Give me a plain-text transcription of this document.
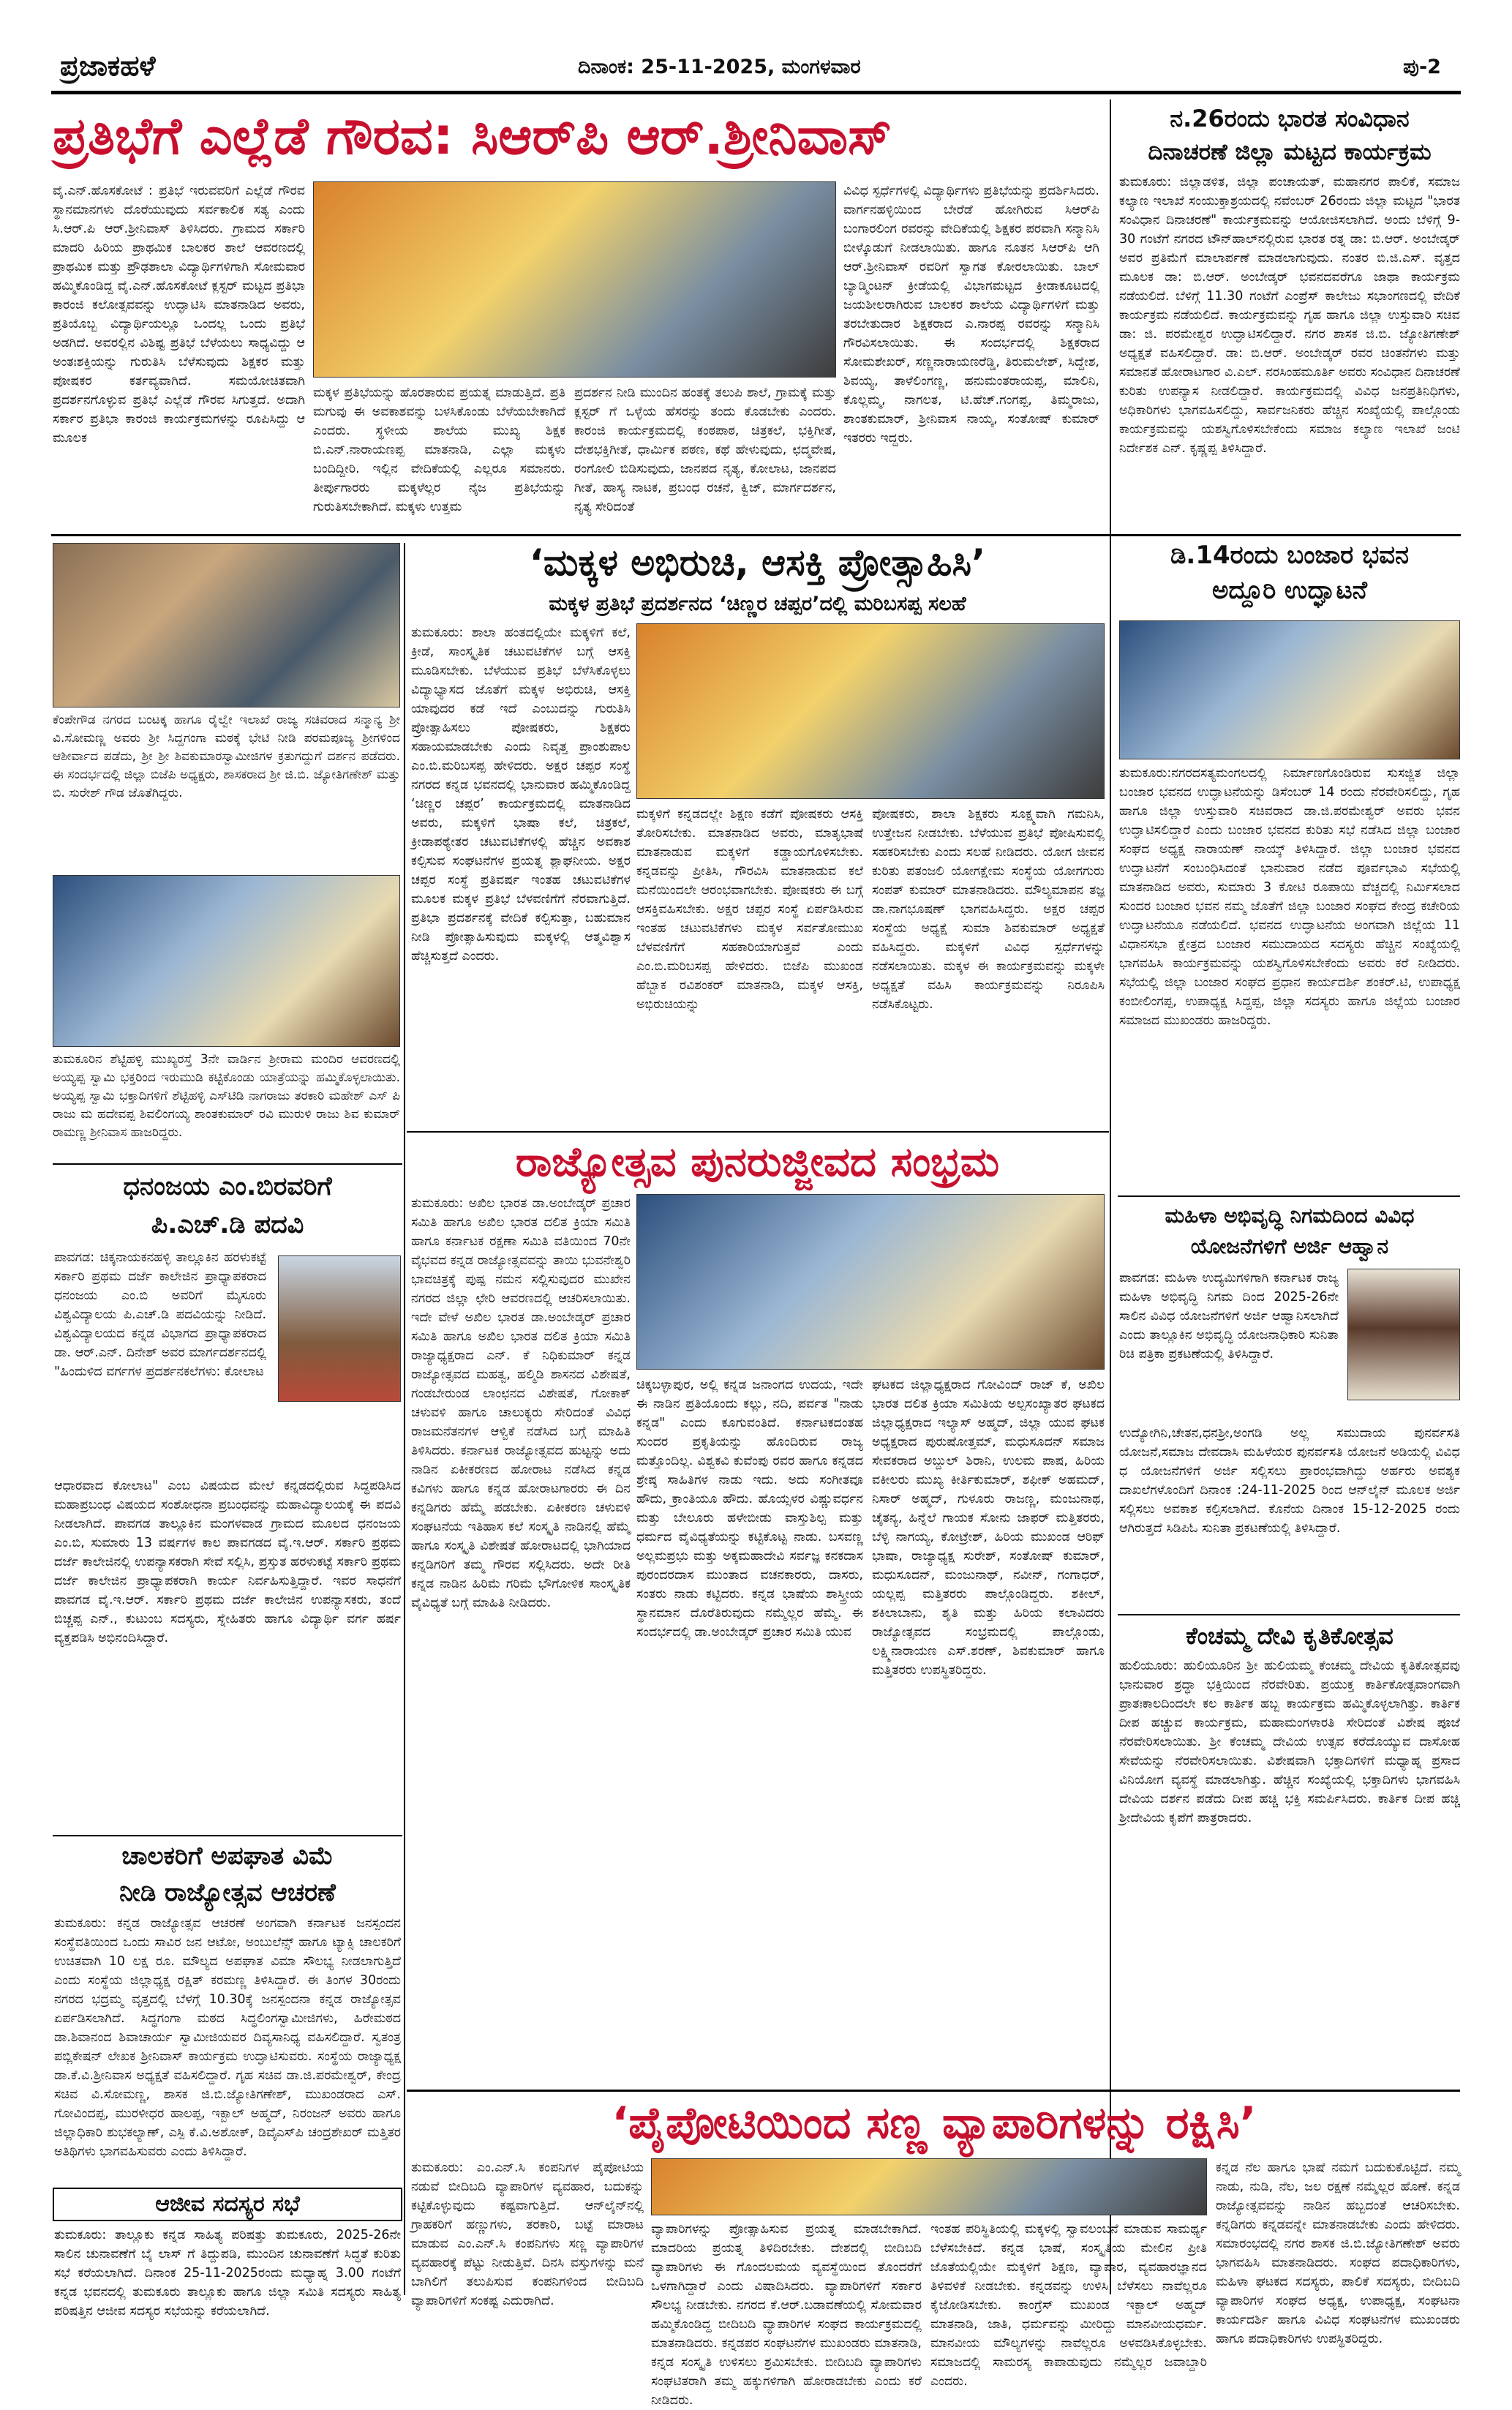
ಪ್ರಜಾಕಹಳೆ	ದಿನಾಂಕ: 25-11-2025, ಮಂಗಳವಾರ	ಪು-2
ಪ್ರತಿಭೆಗೆ ಎಲ್ಲೆಡೆ ಗೌರವ: ಸಿಆರ್‌ಪಿ ಆರ್.ಶ್ರೀನಿವಾಸ್
ವೈ.ಎನ್.ಹೊಸಕೋಟೆ : ಪ್ರತಿಭೆ ಇರುವವರಿಗೆ ಎಲ್ಲೆಡೆ ಗೌರವ ಸ್ಥಾನಮಾನಗಳು ದೊರೆಯುವುದು ಸರ್ವಕಾಲಿಕ ಸತ್ಯ ಎಂದು ಸಿ.ಆರ್.ಪಿ ಆರ್.ಶ್ರೀನಿವಾಸ್ ತಿಳಿಸಿದರು. ಗ್ರಾಮದ ಸರ್ಕಾರಿ ಮಾದರಿ ಹಿರಿಯ ಪ್ರಾಥಮಿಕ ಬಾಲಕರ ಶಾಲೆ ಆವರಣದಲ್ಲಿ ಪ್ರಾಥಮಿಕ ಮತ್ತು ಪ್ರೌಢಶಾಲಾ ವಿದ್ಯಾರ್ಥಿಗಳಿಗಾಗಿ ಸೋಮವಾರ ಹಮ್ಮಿಕೊಂಡಿದ್ದ ವೈ.ಎನ್.ಹೊಸಕೋಟೆ ಕ್ಲಸ್ಟರ್ ಮಟ್ಟದ ಪ್ರತಿಭಾ ಕಾರಂಜಿ ಕಲೋತ್ಸವವನ್ನು ಉದ್ಘಾಟಿಸಿ ಮಾತನಾಡಿದ ಅವರು, ಪ್ರತಿಯೊಬ್ಬ ವಿದ್ಯಾರ್ಥಿಯಲ್ಲೂ ಒಂದಲ್ಲ ಒಂದು ಪ್ರತಿಭೆ ಅಡಗಿದೆ. ಅವರಲ್ಲಿನ ವಿಶಿಷ್ಟ ಪ್ರತಿಭೆ ಬೆಳೆಯಲು ಸಾಧ್ಯವಿದ್ದು ಆ ಅಂತಃಶಕ್ತಿಯನ್ನು ಗುರುತಿಸಿ ಬೆಳೆಸುವುದು ಶಿಕ್ಷಕರ ಮತ್ತು ಪೋಷಕರ ಕರ್ತವ್ಯವಾಗಿದೆ. ಸಮಯೋಚಿತವಾಗಿ ಪ್ರದರ್ಶನಗೊಳ್ಳುವ ಪ್ರತಿಭೆ ಎಲ್ಲೆಡೆ ಗೌರವ ಸಿಗುತ್ತದೆ. ಅದಾಗಿ ಸರ್ಕಾರ ಪ್ರತಿಭಾ ಕಾರಂಜಿ ಕಾರ್ಯಕ್ರಮಗಳನ್ನು ರೂಪಿಸಿದ್ದು ಆ ಮೂಲಕ
ಮಕ್ಕಳ ಪ್ರತಿಭೆಯನ್ನು ಹೊರತಾರುವ ಪ್ರಯತ್ನ ಮಾಡುತ್ತಿದೆ. ಪ್ರತಿ ಮಗುವು ಈ ಅವಕಾಶವನ್ನು ಬಳಸಿಕೊಂಡು ಬೆಳೆಯಬೇಕಾಗಿದೆ ಎಂದರು. ಸ್ಥಳೀಯ ಶಾಲೆಯ ಮುಖ್ಯ ಶಿಕ್ಷಕ ಬಿ.ಎನ್.ನಾರಾಯಣಪ್ಪ ಮಾತನಾಡಿ, ಎಲ್ಲಾ ಮಕ್ಕಳು ಬಂದಿದ್ದೀರಿ. ಇಲ್ಲಿನ ವೇದಿಕೆಯಲ್ಲಿ ಎಲ್ಲರೂ ಸಮಾನರು. ತೀರ್ಪುಗಾರರು ಮಕ್ಕಳೆಲ್ಲರ ನೈಜ ಪ್ರತಿಭೆಯನ್ನು ಗುರುತಿಸಬೇಕಾಗಿದೆ. ಮಕ್ಕಳು ಉತ್ತಮ
ಪ್ರದರ್ಶನ ನೀಡಿ ಮುಂದಿನ ಹಂತಕ್ಕೆ ತಲುಪಿ ಶಾಲೆ, ಗ್ರಾಮಕ್ಕೆ ಮತ್ತು ಕ್ಲಸ್ಟರ್ ಗೆ ಒಳ್ಳೆಯ ಹೆಸರನ್ನು ತಂದು ಕೊಡಬೇಕು ಎಂದರು. ಕಾರಂಜಿ ಕಾರ್ಯಕ್ರಮದಲ್ಲಿ ಕಂಠಪಾಠ, ಚಿತ್ರಕಲೆ, ಭಕ್ತಿಗೀತೆ, ದೇಶಭಕ್ತಿಗೀತೆ, ಧಾರ್ಮಿಕ ಪಠಣ, ಕಥೆ ಹೇಳುವುದು, ಛದ್ಮವೇಷ, ರಂಗೋಲಿ ಬಿಡಿಸುವುದು, ಜಾನಪದ ನೃತ್ಯ, ಕೋಲಾಟ, ಜಾನಪದ ಗೀತೆ, ಹಾಸ್ಯ ನಾಟಕ, ಪ್ರಬಂಧ ರಚನೆ, ಕ್ವಿಜ್, ಮಾರ್ಗದರ್ಶನ, ನೃತ್ಯ ಸೇರಿದಂತೆ
ವಿವಿಧ ಸ್ಪರ್ಧೆಗಳಲ್ಲಿ ವಿದ್ಯಾರ್ಥಿಗಳು ಪ್ರತಿಭೆಯನ್ನು ಪ್ರದರ್ಶಿಸಿದರು. ವಾರ್ಗನಹಳ್ಳಿಯಿಂದ ಬೇರೆಡೆ ಹೋಗಿರುವ ಸಿಆರ್‌ಪಿ ಬಂಗಾರಲಿಂಗ ರವರನ್ನು ವೇದಿಕೆಯಲ್ಲಿ ಶಿಕ್ಷಕರ ಪರವಾಗಿ ಸನ್ಮಾನಿಸಿ ಬೀಳ್ಕೊಡುಗೆ ನೀಡಲಾಯಿತು. ಹಾಗೂ ನೂತನ ಸಿಆರ್‌ಪಿ ಆಗಿ ಆರ್.ಶ್ರೀನಿವಾಸ್ ರವರಿಗೆ ಸ್ವಾಗತ ಕೋರಲಾಯಿತು. ಬಾಲ್ ಬ್ಯಾಡ್ಮಿಂಟನ್ ಕ್ರೀಡೆಯಲ್ಲಿ ವಿಭಾಗಮಟ್ಟದ ಕ್ರೀಡಾಕೂಟದಲ್ಲಿ ಜಯಶೀಲರಾಗಿರುವ ಬಾಲಕರ ಶಾಲೆಯ ವಿದ್ಯಾರ್ಥಿಗಳಿಗೆ ಮತ್ತು ತರಬೇತುದಾರ ಶಿಕ್ಷಕರಾದ ಎ.ನಾರಪ್ಪ ರವರನ್ನು ಸನ್ಮಾನಿಸಿ ಗೌರವಿಸಲಾಯಿತು. ಈ ಸಂದರ್ಭದಲ್ಲಿ ಶಿಕ್ಷಕರಾದ ಸೋಮಶೇಖರ್, ಸಣ್ಣನಾರಾಯಣರೆಡ್ಡಿ, ತಿರುಮಲೇಶ್, ಸಿದ್ದೇಶ, ಶಿವಯ್ಯ, ತಾಳೆಲಿಂಗಣ್ಣ, ಹನುಮಂತರಾಯಪ್ಪ, ಮಾಲಿನಿ, ಕೊಲ್ಲಮ್ಮ, ನಾಗಲತ, ಟಿ.ಹೆಚ್.ಗಂಗಪ್ಪ, ತಿಮ್ಮರಾಜು, ಶಾಂತಕುಮಾರ್, ಶ್ರೀನಿವಾಸ ನಾಯ್ಕ, ಸಂತೋಷ್ ಕುಮಾರ್ ಇತರರು ಇದ್ದರು.
ನ.26ರಂದು ಭಾರತ ಸಂವಿಧಾನ
ದಿನಾಚರಣೆ ಜಿಲ್ಲಾ ಮಟ್ಟದ ಕಾರ್ಯಕ್ರಮ
ತುಮಕೂರು: ಜಿಲ್ಲಾಡಳಿತ, ಜಿಲ್ಲಾ ಪಂಚಾಯತ್, ಮಹಾನಗರ ಪಾಲಿಕೆ, ಸಮಾಜ ಕಲ್ಯಾಣ ಇಲಾಖೆ ಸಂಯುಕ್ತಾಶ್ರಯದಲ್ಲಿ ನವೆಂಬರ್ 26ರಂದು ಜಿಲ್ಲಾ ಮಟ್ಟದ "ಭಾರತ ಸಂವಿಧಾನ ದಿನಾಚರಣೆ" ಕಾರ್ಯಕ್ರಮವನ್ನು ಆಯೋಜಿಸಲಾಗಿದೆ. ಅಂದು ಬೆಳಿಗ್ಗೆ 9-30 ಗಂಟೆಗೆ ನಗರದ ಟೌನ್‌ಹಾಲ್‌ನಲ್ಲಿರುವ ಭಾರತ ರತ್ನ ಡಾ: ಬಿ.ಆರ್. ಅಂಬೇಡ್ಕರ್ ಅವರ ಪ್ರತಿಮೆಗೆ ಮಾಲಾರ್ಪಣೆ ಮಾಡಲಾಗುವುದು. ನಂತರ ಬಿ.ಜಿ.ಎಸ್. ವೃತ್ತದ ಮೂಲಕ ಡಾ: ಬಿ.ಆರ್. ಅಂಬೇಡ್ಕರ್ ಭವನದವರೆಗೂ ಜಾಥಾ ಕಾರ್ಯಕ್ರಮ ನಡೆಯಲಿದೆ. ಬೆಳಿಗ್ಗೆ 11.30 ಗಂಟೆಗೆ ಎಂಪ್ರೆಸ್ ಕಾಲೇಜು ಸಭಾಂಗಣದಲ್ಲಿ ವೇದಿಕೆ ಕಾರ್ಯಕ್ರಮ ನಡೆಯಲಿದೆ. ಕಾರ್ಯಕ್ರಮವನ್ನು ಗೃಹ ಹಾಗೂ ಜಿಲ್ಲಾ ಉಸ್ತುವಾರಿ ಸಚಿವ ಡಾ: ಜಿ. ಪರಮೇಶ್ವರ ಉದ್ಘಾಟಿಸಲಿದ್ದಾರೆ. ನಗರ ಶಾಸಕ ಜಿ.ಬಿ. ಜ್ಯೋತಿಗಣೇಶ್ ಅಧ್ಯಕ್ಷತೆ ವಹಿಸಲಿದ್ದಾರೆ. ಡಾ: ಬಿ.ಆರ್. ಅಂಬೇಡ್ಕರ್ ರವರ ಚಿಂತನೆಗಳು ಮತ್ತು ಸಮಾನತೆ ಹೋರಾಟಗಾರ ವಿ.ಎಲ್. ನರಸಿಂಹಮೂರ್ತಿ ಅವರು ಸಂವಿಧಾನ ದಿನಾಚರಣೆ ಕುರಿತು ಉಪನ್ಯಾಸ ನೀಡಲಿದ್ದಾರೆ. ಕಾರ್ಯಕ್ರಮದಲ್ಲಿ ವಿವಿಧ ಜನಪ್ರತಿನಿಧಿಗಳು, ಅಧಿಕಾರಿಗಳು ಭಾಗವಹಿಸಲಿದ್ದು, ಸಾರ್ವಜನಿಕರು ಹೆಚ್ಚಿನ ಸಂಖ್ಯೆಯಲ್ಲಿ ಪಾಲ್ಗೊಂಡು ಕಾರ್ಯಕ್ರಮವನ್ನು ಯಶಸ್ವಿಗೊಳಿಸಬೇಕೆಂದು ಸಮಾಜ ಕಲ್ಯಾಣ ಇಲಾಖೆ ಜಂಟಿ ನಿರ್ದೇಶಕ ಎನ್. ಕೃಷ್ಣಪ್ಪ ತಿಳಿಸಿದ್ದಾರೆ.
ಕೆಂಪೇಗೌಡ ನಗರದ ಬಂಟಕ್ಕ ಹಾಗೂ ರೈಲ್ವೇ ಇಲಾಖೆ ರಾಜ್ಯ ಸಚಿವರಾದ ಸನ್ಮಾನ್ಯ ಶ್ರೀ ವಿ.ಸೋಮಣ್ಣ ಅವರು ಶ್ರೀ ಸಿದ್ದಗಂಗಾ ಮಠಕ್ಕೆ ಭೇಟಿ ನೀಡಿ ಪರಮಪೂಜ್ಯ ಶ್ರೀಗಳಿಂದ ಆಶೀರ್ವಾದ ಪಡೆದು, ಶ್ರೀ ಶ್ರೀ ಶಿವಕುಮಾರಸ್ವಾಮೀಜಿಗಳ ಕ್ರತುಗದ್ದುಗೆ ದರ್ಶನ ಪಡೆದರು. ಈ ಸಂದರ್ಭದಲ್ಲಿ ಜಿಲ್ಲಾ ಬಿಜೆಪಿ ಅಧ್ಯಕ್ಷರು, ಶಾಸಕರಾದ ಶ್ರೀ ಜಿ.ಬಿ. ಜ್ಯೋತಿಗಣೇಶ್ ಮತ್ತು ಬಿ. ಸುರೇಶ್ ಗೌಡ ಜೊತೆಗಿದ್ದರು.
ತುಮಕೂರಿನ ಶೆಟ್ಟಿಹಳ್ಳಿ ಮುಖ್ಯರಸ್ತೆ 3ನೇ ವಾರ್ಡಿನ ಶ್ರೀರಾಮ ಮಂದಿರ ಆವರಣದಲ್ಲಿ ಅಯ್ಯಪ್ಪ ಸ್ವಾಮಿ ಭಕ್ತರಿಂದ ಇರುಮುಡಿ ಕಟ್ಟಿಕೊಂಡು ಯಾತ್ರೆಯನ್ನು ಹಮ್ಮಿಕೊಳ್ಳಲಾಯಿತು. ಅಯ್ಯಪ್ಪ ಸ್ವಾಮಿ ಭಕ್ತಾದಿಗಳಿಗೆ ಶೆಟ್ಟಿಹಳ್ಳಿ ಎಸ್‌ಟಿಡಿ ನಾಗರಾಜು ತರಕಾರಿ ಮಹೇಶ್ ಎಸ್ ಪಿ ರಾಜು ಮ ಹದೇವಪ್ಪ ಶಿವಲಿಂಗಯ್ಯ ಶಾಂತಕುಮಾರ್ ರವಿ ಮುರುಳಿ ರಾಜು ಶಿವ ಕುಮಾರ್ ರಾಮಣ್ಣ ಶ್ರೀನಿವಾಸ ಹಾಜರಿದ್ದರು.
‘ಮಕ್ಕಳ ಅಭಿರುಚಿ, ಆಸಕ್ತಿ ಪ್ರೋತ್ಸಾಹಿಸಿ’
ಮಕ್ಕಳ ಪ್ರತಿಭೆ ಪ್ರದರ್ಶನದ ‘ಚಿಣ್ಣರ ಚಪ್ಪರ’ದಲ್ಲಿ ಮರಿಬಸಪ್ಪ ಸಲಹೆ
ತುಮಕೂರು: ಶಾಲಾ ಹಂತದಲ್ಲಿಯೇ ಮಕ್ಕಳಿಗೆ ಕಲೆ, ಕ್ರೀಡೆ, ಸಾಂಸ್ಕೃತಿಕ ಚಟುವಟಿಕೆಗಳ ಬಗ್ಗೆ ಆಸಕ್ತಿ ಮೂಡಿಸಬೇಕು. ಬೆಳೆಯುವ ಪ್ರತಿಭೆ ಬೆಳೆಸಿಕೊಳ್ಳಲು ವಿದ್ಯಾಭ್ಯಾಸದ ಜೊತೆಗೆ ಮಕ್ಕಳ ಅಭಿರುಚಿ, ಆಸಕ್ತಿ ಯಾವುದರ ಕಡೆ ಇದೆ ಎಂಬುದನ್ನು ಗುರುತಿಸಿ ಪ್ರೋತ್ಸಾಹಿಸಲು ಪೋಷಕರು, ಶಿಕ್ಷಕರು ಸಹಾಯಮಾಡಬೇಕು ಎಂದು ನಿವೃತ್ತ ಪ್ರಾಂಶುಪಾಲ ಎಂ.ಬಿ.ಮರಿಬಸಪ್ಪ ಹೇಳಿದರು. ಅಕ್ಷರ ಚಪ್ಪರ ಸಂಸ್ಥೆ ನಗರದ ಕನ್ನಡ ಭವನದಲ್ಲಿ ಭಾನುವಾರ ಹಮ್ಮಿಕೊಂಡಿದ್ದ ‘ಚಿಣ್ಣರ ಚಪ್ಪರ’ ಕಾರ್ಯಕ್ರಮದಲ್ಲಿ ಮಾತನಾಡಿದ ಅವರು, ಮಕ್ಕಳಿಗೆ ಭಾಷಾ ಕಲೆ, ಚಿತ್ರಕಲೆ, ಕ್ರೀಡಾಪಠ್ಯೇತರ ಚಟುವಟಿಕೆಗಳಲ್ಲಿ ಹೆಚ್ಚಿನ ಅವಕಾಶ ಕಲ್ಪಿಸುವ ಸಂಘಟನೆಗಳ ಪ್ರಯತ್ನ ಶ್ಲಾಘನೀಯ. ಅಕ್ಷರ ಚಪ್ಪರ ಸಂಸ್ಥೆ ಪ್ರತಿವರ್ಷ ಇಂತಹ ಚಟುವಟಿಕೆಗಳ ಮೂಲಕ ಮಕ್ಕಳ ಪ್ರತಿಭೆ ಬೆಳವಣಿಗೆಗೆ ನೆರವಾಗುತ್ತಿದೆ. ಪ್ರತಿಭಾ ಪ್ರದರ್ಶನಕ್ಕೆ ವೇದಿಕೆ ಕಲ್ಪಿಸುತ್ತಾ, ಬಹುಮಾನ ನೀಡಿ ಪ್ರೋತ್ಸಾಹಿಸುವುದು ಮಕ್ಕಳಲ್ಲಿ ಆತ್ಮವಿಶ್ವಾಸ ಹೆಚ್ಚಿಸುತ್ತದೆ ಎಂದರು.
ಮಕ್ಕಳಿಗೆ ಕನ್ನಡದಲ್ಲೇ ಶಿಕ್ಷಣ ಕಡೆಗೆ ಪೋಷಕರು ಆಸಕ್ತಿ ತೋರಿಸಬೇಕು. ಮಾತನಾಡಿದ ಅವರು, ಮಾತೃಭಾಷೆ ಮಾತನಾಡುವ ಮಕ್ಕಳಿಗೆ ಕಡ್ಡಾಯಗೊಳಿಸಬೇಕು. ಕನ್ನಡವನ್ನು ಪ್ರೀತಿಸಿ, ಗೌರವಿಸಿ ಮಾತನಾಡುವ ಕಲೆ ಮನೆಯಿಂದಲೇ ಆರಂಭವಾಗಬೇಕು. ಪೋಷಕರು ಈ ಬಗ್ಗೆ ಆಸಕ್ತಿವಹಿಸಬೇಕು. ಅಕ್ಷರ ಚಪ್ಪರ ಸಂಸ್ಥೆ ಏರ್ಪಡಿಸಿರುವ ಇಂತಹ ಚಟುವಟಿಕೆಗಳು ಮಕ್ಕಳ ಸರ್ವತೋಮುಖ ಬೆಳವಣಿಗೆಗೆ ಸಹಕಾರಿಯಾಗುತ್ತವೆ ಎಂದು ಎಂ.ಬಿ.ಮರಿಬಸಪ್ಪ ಹೇಳಿದರು. ಬಿಜೆಪಿ ಮುಖಂಡ ಹೆಬ್ಬಾಕ ರವಿಶಂಕರ್ ಮಾತನಾಡಿ, ಮಕ್ಕಳ ಆಸಕ್ತಿ, ಅಭಿರುಚಿಯನ್ನು
ಪೋಷಕರು, ಶಾಲಾ ಶಿಕ್ಷಕರು ಸೂಕ್ಷ್ಮವಾಗಿ ಗಮನಿಸಿ, ಉತ್ತೇಜನ ನೀಡಬೇಕು. ಬೆಳೆಯುವ ಪ್ರತಿಭೆ ಪೋಷಿಸುವಲ್ಲಿ ಸಹಕರಿಸಬೇಕು ಎಂದು ಸಲಹೆ ನೀಡಿದರು. ಯೋಗ ಜೀವನ ಕುರಿತು ಪತಂಜಲಿ ಯೋಗಕ್ಷೇಮ ಸಂಸ್ಥೆಯ ಯೋಗಗುರು ಸಂಪತ್ ಕುಮಾರ್ ಮಾತನಾಡಿದರು. ಮೌಲ್ಯಮಾಪನ ತಜ್ಞ ಡಾ.ನಾಗಭೂಷಣ್ ಭಾಗವಹಿಸಿದ್ದರು. ಅಕ್ಷರ ಚಪ್ಪರ ಸಂಸ್ಥೆಯ ಅಧ್ಯಕ್ಷೆ ಸುಮಾ ಶಿವಕುಮಾರ್ ಅಧ್ಯಕ್ಷತೆ ವಹಿಸಿದ್ದರು. ಮಕ್ಕಳಿಗೆ ವಿವಿಧ ಸ್ಪರ್ಧೆಗಳನ್ನು ನಡೆಸಲಾಯಿತು. ಮಕ್ಕಳ ಈ ಕಾರ್ಯಕ್ರಮವನ್ನು ಮಕ್ಕಳೇ ಅಧ್ಯಕ್ಷತೆ ವಹಿಸಿ ಕಾರ್ಯಕ್ರಮವನ್ನು ನಿರೂಪಿಸಿ ನಡೆಸಿಕೊಟ್ಟರು.
ಡಿ.14ರಂದು ಬಂಜಾರ ಭವನ
ಅದ್ದೂರಿ ಉದ್ಘಾಟನೆ
ತುಮಕೂರು:ನಗರದಸತ್ಯಮಂಗಲದಲ್ಲಿ ನಿರ್ಮಾಣಗೊಂಡಿರುವ ಸುಸಜ್ಜಿತ ಜಿಲ್ಲಾ ಬಂಜಾರ ಭವನದ ಉದ್ಘಾಟನೆಯನ್ನು ಡಿಸೆಂಬರ್ 14 ರಂದು ನೆರವೇರಿಸಲಿದ್ದು, ಗೃಹ ಹಾಗೂ ಜಿಲ್ಲಾ ಉಸ್ತುವಾರಿ ಸಚಿವರಾದ ಡಾ.ಜಿ.ಪರಮೇಶ್ವರ್ ಅವರು ಭವನ ಉದ್ಘಾಟಿಸಲಿದ್ದಾರೆ ಎಂದು ಬಂಜಾರ ಭವನದ ಕುರಿತು ಸಭೆ ನಡೆಸಿದ ಜಿಲ್ಲಾ ಬಂಜಾರ ಸಂಘದ ಅಧ್ಯಕ್ಷ ನಾರಾಯಣ್ ನಾಯ್ಕ್ ತಿಳಿಸಿದ್ದಾರೆ. ಜಿಲ್ಲಾ ಬಂಜಾರ ಭವನದ ಉದ್ಘಾಟನೆಗೆ ಸಂಬಂಧಿಸಿದಂತೆ ಭಾನುವಾರ ನಡೆದ ಪೂರ್ವಭಾವಿ ಸಭೆಯಲ್ಲಿ ಮಾತನಾಡಿದ ಅವರು, ಸುಮಾರು 3 ಕೋಟಿ ರೂಪಾಯಿ ವೆಚ್ಚದಲ್ಲಿ ನಿರ್ಮಿಸಲಾದ ಸುಂದರ ಬಂಜಾರ ಭವನ ನಮ್ಮ ಜೊತೆಗೆ ಜಿಲ್ಲಾ ಬಂಜಾರ ಸಂಘದ ಕೇಂದ್ರ ಕಚೇರಿಯ ಉದ್ಘಾಟನೆಯೂ ನಡೆಯಲಿದೆ. ಭವನದ ಉದ್ಘಾಟನೆಯ ಅಂಗವಾಗಿ ಜಿಲ್ಲೆಯ 11 ವಿಧಾನಸಭಾ ಕ್ಷೇತ್ರದ ಬಂಜಾರ ಸಮುದಾಯದ ಸದಸ್ಯರು ಹೆಚ್ಚಿನ ಸಂಖ್ಯೆಯಲ್ಲಿ ಭಾಗವಹಿಸಿ ಕಾರ್ಯಕ್ರಮವನ್ನು ಯಶಸ್ವಿಗೊಳಿಸಬೇಕೆಂದು ಅವರು ಕರೆ ನೀಡಿದರು. ಸಭೆಯಲ್ಲಿ ಜಿಲ್ಲಾ ಬಂಜಾರ ಸಂಘದ ಪ್ರಧಾನ ಕಾರ್ಯದರ್ಶಿ ಶಂಕರ್.ಟಿ, ಉಪಾಧ್ಯಕ್ಷ ಕಂಬೀಲಿಂಗಪ್ಪ, ಉಪಾಧ್ಯಕ್ಷ ಸಿದ್ದಪ್ಪ, ಜಿಲ್ಲಾ ಸದಸ್ಯರು ಹಾಗೂ ಜಿಲ್ಲೆಯ ಬಂಜಾರ ಸಮಾಜದ ಮುಖಂಡರು ಹಾಜರಿದ್ದರು.
ಧನಂಜಯ ಎಂ.ಬಿರವರಿಗೆ
ಪಿ.ಎಚ್.ಡಿ ಪದವಿ
ಪಾವಗಡ: ಚಿಕ್ಕನಾಯಕನಹಳ್ಳಿ ತಾಲ್ಲೂಕಿನ ಹರಳುಕಟ್ಟೆ ಸರ್ಕಾರಿ ಪ್ರಥಮ ದರ್ಜೆ ಕಾಲೇಜಿನ ಪ್ರಾಧ್ಯಾಪಕರಾದ ಧನಂಜಯ ಎಂ.ಬಿ ಅವರಿಗೆ ಮೈಸೂರು ವಿಶ್ವವಿದ್ಯಾಲಯ ಪಿ.ಎಚ್.ಡಿ ಪದವಿಯನ್ನು ನೀಡಿದೆ. ವಿಶ್ವವಿದ್ಯಾಲಯದ ಕನ್ನಡ ವಿಭಾಗದ ಪ್ರಾಧ್ಯಾಪಕರಾದ ಡಾ. ಆರ್.ಎನ್. ದಿನೇಶ್ ಅವರ ಮಾರ್ಗದರ್ಶನದಲ್ಲಿ "ಹಿಂದುಳಿದ ವರ್ಗಗಳ ಪ್ರದರ್ಶನಕಲೆಗಳು: ಕೋಲಾಟ
ಆಧಾರವಾದ ಕೋಲಾಟ" ಎಂಬ ವಿಷಯದ ಮೇಲೆ ಕನ್ನಡದಲ್ಲಿರುವ ಸಿದ್ಧಪಡಿಸಿದ ಮಹಾಪ್ರಬಂಧ ವಿಷಯದ ಸಂಶೋಧನಾ ಪ್ರಬಂಧವನ್ನು ಮಹಾವಿದ್ಯಾಲಯಕ್ಕೆ ಈ ಪದವಿ ನೀಡಲಾಗಿದೆ. ಪಾವಗಡ ತಾಲ್ಲೂಕಿನ ಮಂಗಳವಾಡ ಗ್ರಾಮದ ಮೂಲದ ಧನಂಜಯ ಎಂ.ಬಿ, ಸುಮಾರು 13 ವರ್ಷಗಳ ಕಾಲ ಪಾವಗಡದ ವೈ.ಇ.ಆರ್. ಸರ್ಕಾರಿ ಪ್ರಥಮ ದರ್ಜೆ ಕಾಲೇಜಿನಲ್ಲಿ ಉಪನ್ಯಾಸಕರಾಗಿ ಸೇವೆ ಸಲ್ಲಿಸಿ, ಪ್ರಸ್ತುತ ಹರಳುಕಟ್ಟೆ ಸರ್ಕಾರಿ ಪ್ರಥಮ ದರ್ಜೆ ಕಾಲೇಜಿನ ಪ್ರಾಧ್ಯಾಪಕರಾಗಿ ಕಾರ್ಯ ನಿರ್ವಹಿಸುತ್ತಿದ್ದಾರೆ. ಇವರ ಸಾಧನೆಗೆ ಪಾವಗಡ ವೈ.ಇ.ಆರ್. ಸರ್ಕಾರಿ ಪ್ರಥಮ ದರ್ಜೆ ಕಾಲೇಜಿನ ಉಪನ್ಯಾಸಕರು, ತಂದೆ ಬಿಚ್ಚಪ್ಪ ಎನ್., ಕುಟುಂಬ ಸದಸ್ಯರು, ಸ್ನೇಹಿತರು ಹಾಗೂ ವಿದ್ಯಾರ್ಥಿ ವರ್ಗ ಹರ್ಷ ವ್ಯಕ್ತಪಡಿಸಿ ಅಭಿನಂದಿಸಿದ್ದಾರೆ.
ರಾಜ್ಯೋತ್ಸವ ಪುನರುಜ್ಜೀವದ ಸಂಭ್ರಮ
ತುಮಕೂರು: ಅಖಿಲ ಭಾರತ ಡಾ.ಅಂಬೇಡ್ಕರ್ ಪ್ರಚಾರ ಸಮಿತಿ ಹಾಗೂ ಅಖಿಲ ಭಾರತ ದಲಿತ ಕ್ರಿಯಾ ಸಮಿತಿ ಹಾಗೂ ಕರ್ನಾಟಕ ರಕ್ಷಣಾ ಸಮಿತಿ ವತಿಯಿಂದ 70ನೇ ವೈಭವದ ಕನ್ನಡ ರಾಜ್ಯೋತ್ಸವವನ್ನು ತಾಯಿ ಭುವನೇಶ್ವರಿ ಭಾವಚಿತ್ರಕ್ಕೆ ಪುಷ್ಪ ನಮನ ಸಲ್ಲಿಸುವುದರ ಮುಖೇನ ನಗರದ ಜಿಲ್ಲಾ ಛೇರಿ ಆವರಣದಲ್ಲಿ ಆಚರಿಸಲಾಯಿತು. ಇದೇ ವೇಳೆ ಅಖಿಲ ಭಾರತ ಡಾ.ಅಂಬೇಡ್ಕರ್ ಪ್ರಚಾರ ಸಮಿತಿ ಹಾಗೂ ಅಖಿಲ ಭಾರತ ದಲಿತ ಕ್ರಿಯಾ ಸಮಿತಿ ರಾಜ್ಯಾಧ್ಯಕ್ಷರಾದ ಎನ್. ಕೆ ನಿಧಿಕುಮಾರ್ ಕನ್ನಡ ರಾಜ್ಯೋತ್ಸವದ ಮಹತ್ವ, ಹಲ್ಮಿಡಿ ಶಾಸನದ ವಿಶೇಷತೆ, ಗಂಡಬೇರುಂಡ ಲಾಂಛನದ ವಿಶೇಷತೆ, ಗೋಕಾಕ್ ಚಳುವಳಿ ಹಾಗೂ ಚಾಲುಕ್ಯರು ಸೇರಿದಂತೆ ವಿವಿಧ ರಾಜಮನೆತನಗಳ ಆಳ್ವಿಕೆ ನಡೆಸಿದ ಬಗ್ಗೆ ಮಾಹಿತಿ ತಿಳಿಸಿದರು. ಕರ್ನಾಟಕ ರಾಜ್ಯೋತ್ಸವದ ಹುಟ್ಟನ್ನು ಅದು ನಾಡಿನ ಏಕೀಕರಣದ ಹೋರಾಟ ನಡೆಸಿದ ಕನ್ನಡ ಕವಿಗಳು ಹಾಗೂ ಕನ್ನಡ ಹೋರಾಟಗಾರರು ಈ ದಿನ ಕನ್ನಡಿಗರು ಹೆಮ್ಮೆ ಪಡಬೇಕು. ಏಕೀಕರಣ ಚಳುವಳಿ ಸಂಘಟನೆಯ ಇತಿಹಾಸ ಕಲೆ ಸಂಸ್ಕೃತಿ ನಾಡಿನಲ್ಲಿ ಹೆಮ್ಮೆ ಹಾಗೂ ಸಂಸ್ಕೃತಿ ವಿಶೇಷತೆ ಹೋರಾಟದಲ್ಲಿ ಭಾಗಿಯಾದ ಕನ್ನಡಿಗರಿಗೆ ತಮ್ಮ ಗೌರವ ಸಲ್ಲಿಸಿದರು. ಅದೇ ರೀತಿ ಕನ್ನಡ ನಾಡಿನ ಹಿರಿಮೆ ಗರಿಮೆ ಭೌಗೋಳಿಕ ಸಾಂಸ್ಕೃತಿಕ ವೈವಿಧ್ಯತೆ ಬಗ್ಗೆ ಮಾಹಿತಿ ನೀಡಿದರು.
ಚಿಕ್ಕಬಳ್ಳಾಪುರ, ಅಲ್ಲಿ ಕನ್ನಡ ಜನಾಂಗದ ಉದಯ, ಇದೇ ಈ ನಾಡಿನ ಪ್ರತಿಯೊಂದು ಕಲ್ಲು, ನದಿ, ಪರ್ವತ "ನಾಡು ಕನ್ನಡ" ಎಂದು ಕೂಗುವಂತಿದೆ. ಕರ್ನಾಟಕದಂತಹ ಸುಂದರ ಪ್ರಕೃತಿಯನ್ನು ಹೊಂದಿರುವ ರಾಜ್ಯ ಮತ್ತೊಂದಿಲ್ಲ. ವಿಶ್ವಕವಿ ಕುವೆಂಪು ರವರ ಹಾಗೂ ಕನ್ನಡದ ಶ್ರೇಷ್ಠ ಸಾಹಿತಿಗಳ ನಾಡು ಇದು. ಅದು ಸಂಗೀತವೂ ಹೌದು, ಕ್ರಾಂತಿಯೂ ಹೌದು. ಹೊಯ್ಸಳರ ವಿಷ್ಣುವರ್ಧನ ಮತ್ತು ಬೇಲೂರು ಹಳೇಬೀಡು ವಾಸ್ತುಶಿಲ್ಪ ಮತ್ತು ಧರ್ಮದ ವೈವಿಧ್ಯತೆಯನ್ನು ಕಟ್ಟಿಕೊಟ್ಟ ನಾಡು. ಬಸವಣ್ಣ ಅಲ್ಲಮಪ್ರಭು ಮತ್ತು ಅಕ್ಕಮಹಾದೇವಿ ಸರ್ವಜ್ಞ ಕನಕದಾಸ ಪುರಂದರದಾಸ ಮುಂತಾದ ವಚನಕಾರರು, ದಾಸರು, ಸಂತರು ನಾಡು ಕಟ್ಟಿದರು. ಕನ್ನಡ ಭಾಷೆಯ ಶಾಸ್ತ್ರೀಯ ಸ್ಥಾನಮಾನ ದೊರೆತಿರುವುದು ನಮ್ಮೆಲ್ಲರ ಹೆಮ್ಮೆ. ಈ ಸಂದರ್ಭದಲ್ಲಿ ಡಾ.ಅಂಬೇಡ್ಕರ್ ಪ್ರಚಾರ ಸಮಿತಿ ಯುವ
ಘಟಕದ ಜಿಲ್ಲಾಧ್ಯಕ್ಷರಾದ ಗೋವಿಂದ್ ರಾಜ್ ಕೆ, ಅಖಿಲ ಭಾರತ ದಲಿತ ಕ್ರಿಯಾ ಸಮಿತಿಯ ಅಲ್ಪಸಂಖ್ಯಾತರ ಘಟಕದ ಜಿಲ್ಲಾಧ್ಯಕ್ಷರಾದ ಇಲ್ಯಾಸ್ ಅಹ್ಮದ್, ಜಿಲ್ಲಾ ಯುವ ಘಟಕ ಅಧ್ಯಕ್ಷರಾದ ಪುರುಷೋತ್ತಮ್, ಮಧುಸೂದನ್ ಸಮಾಜ ಸೇವಕರಾದ ಅಬ್ದುಲ್ ಶಿರಾನಿ, ಉಲಮ ಪಾಷ, ಹಿರಿಯ ವಕೀಲರು ಮುಖ್ಯ ಕೀರ್ತಿಕುಮಾರ್, ಶಫೀಕ್ ಅಹಮದ್, ನಿಸಾರ್ ಅಹ್ಮದ್, ಗುಳೂರು ರಾಜಣ್ಣ, ಮಂಜುನಾಥ, ಚೈತನ್ಯ, ಹಿನ್ನೆಲೆ ಗಾಯಕ ಸೋನು ಜಾಫರ್ ಮತ್ತಿತರರು, ಬೆಳ್ಳಿ ನಾಗಯ್ಯ, ಕೋಟ್ರೇಶ್, ಹಿರಿಯ ಮುಖಂಡ ಆರಿಫ್ ಭಾಷಾ, ರಾಜ್ಯಾಧ್ಯಕ್ಷ ಸುರೇಶ್, ಸಂತೋಷ್ ಕುಮಾರ್, ಮಧುಸೂದನ್, ಮಂಜುನಾಥ್, ನವೀನ್, ಗಂಗಾಧರ್, ಯಲ್ಲಪ್ಪ ಮತ್ತಿತರರು ಪಾಲ್ಗೊಂಡಿದ್ದರು. ಶಕೀಲ್, ಶಕಿಲಾಬಾನು, ಶೃತಿ ಮತ್ತು ಹಿರಿಯ ಕಲಾವಿದರು ರಾಜ್ಯೋತ್ಸವದ ಸಂಭ್ರಮದಲ್ಲಿ ಪಾಲ್ಗೊಂಡು, ಲಕ್ಷ್ಮಿನಾರಾಯಣ ಎಸ್.ಶರಣ್, ಶಿವಕುಮಾರ್ ಹಾಗೂ ಮತ್ತಿತರರು ಉಪಸ್ಥಿತರಿದ್ದರು.
ಮಹಿಳಾ ಅಭಿವೃದ್ಧಿ ನಿಗಮದಿಂದ ವಿವಿಧ
ಯೋಜನೆಗಳಿಗೆ ಅರ್ಜಿ ಆಹ್ವಾನ
ಪಾವಗಡ: ಮಹಿಳಾ ಉದ್ಯಮಿಗಳಿಗಾಗಿ ಕರ್ನಾಟಕ ರಾಜ್ಯ ಮಹಿಳಾ ಅಭಿವೃದ್ಧಿ ನಿಗಮ ದಿಂದ 2025-26ನೇ ಸಾಲಿನ ವಿವಿಧ ಯೋಜನೆಗಳಿಗೆ ಅರ್ಜಿ ಆಹ್ವಾನಿಸಲಾಗಿದೆ ಎಂದು ತಾಲ್ಲೂಕಿನ ಅಭಿವೃದ್ಧಿ ಯೋಜನಾಧಿಕಾರಿ ಸುನಿತಾ ರಿಚಿ ಪತ್ರಿಕಾ ಪ್ರಕಟಣೆಯಲ್ಲಿ ತಿಳಿಸಿದ್ದಾರೆ.
ಉದ್ಯೋಗಿನಿ,ಚೇತನ,ಧನಶ್ರೀ,ಅಂಗಡಿ ಅಲ್ಲ ಸಮುದಾಯ ಪುನರ್ವಸತಿ ಯೋಜನೆ,ಸಮಾಜ ದೇವದಾಸಿ ಮಹಿಳೆಯರ ಪುನರ್ವಸತಿ ಯೋಜನೆ ಅಡಿಯಲ್ಲಿ ವಿವಿಧ ಧ ಯೋಜನೆಗಳಿಗೆ ಅರ್ಜಿ ಸಲ್ಲಿಸಲು ಪ್ರಾರಂಭವಾಗಿದ್ದು ಅರ್ಹರು ಅವಶ್ಯಕ ದಾಖಲೆಗಳೊಂದಿಗೆ ದಿನಾಂಕ :24-11-2025 ರಿಂದ ಆನ್‌ಲೈನ್ ಮೂಲಕ ಅರ್ಜಿ ಸಲ್ಲಿಸಲು ಅವಕಾಶ ಕಲ್ಪಿಸಲಾಗಿದೆ. ಕೊನೆಯ ದಿನಾಂಕ 15-12-2025 ರಂದು ಆಗಿರುತ್ತದೆ ಸಿಡಿಪಿಓ ಸುನಿತಾ ಪ್ರಕಟಣೆಯಲ್ಲಿ ತಿಳಿಸಿದ್ದಾರೆ.
ಕೆಂಚಮ್ಮ ದೇವಿ ಕೃತಿಕೋತ್ಸವ
ಹುಲಿಯೂರು: ಹುಲಿಯೂರಿನ ಶ್ರೀ ಹುಲಿಯಮ್ಮ ಕೆಂಚಮ್ಮ ದೇವಿಯ ಕೃತಿಕೋತ್ಸವವು ಭಾನುವಾರ ಶ್ರದ್ಧಾ ಭಕ್ತಿಯಿಂದ ನೆರವೇರಿತು. ಪ್ರಯುಕ್ತ ಕಾರ್ತಿಕೋತ್ಸವಾಂಗವಾಗಿ ಪ್ರಾತಃಕಾಲದಿಂದಲೇ ಕಲ ಕಾರ್ತಿಕ ಹಬ್ಬ ಕಾರ್ಯಕ್ರಮ ಹಮ್ಮಿಕೊಳ್ಳಲಾಗಿತ್ತು. ಕಾರ್ತಿಕ ದೀಪ ಹಚ್ಚುವ ಕಾರ್ಯಕ್ರಮ, ಮಹಾಮಂಗಳಾರತಿ ಸೇರಿದಂತೆ ವಿಶೇಷ ಪೂಜೆ ನೆರವೇರಿಸಲಾಯಿತು. ಶ್ರೀ ಕೆಂಚಮ್ಮ ದೇವಿಯ ಉತ್ಸವ ಕರೆದೊಯ್ಯುವ ದಾಸೋಹ ಸೇವೆಯನ್ನು ನೆರವೇರಿಸಲಾಯಿತು. ವಿಶೇಷವಾಗಿ ಭಕ್ತಾದಿಗಳಿಗೆ ಮಧ್ಯಾಹ್ನ ಪ್ರಸಾದ ವಿನಿಯೋಗ ವ್ಯವಸ್ಥೆ ಮಾಡಲಾಗಿತ್ತು. ಹೆಚ್ಚಿನ ಸಂಖ್ಯೆಯಲ್ಲಿ ಭಕ್ತಾದಿಗಳು ಭಾಗವಹಿಸಿ ದೇವಿಯ ದರ್ಶನ ಪಡೆದು ದೀಪ ಹಚ್ಚಿ ಭಕ್ತಿ ಸಮರ್ಪಿಸಿದರು. ಕಾರ್ತಿಕ ದೀಪ ಹಚ್ಚಿ ಶ್ರೀದೇವಿಯ ಕೃಪೆಗೆ ಪಾತ್ರರಾದರು.
ಚಾಲಕರಿಗೆ ಅಪಘಾತ ವಿಮೆ
ನೀಡಿ ರಾಜ್ಯೋತ್ಸವ ಆಚರಣೆ
ತುಮಕೂರು: ಕನ್ನಡ ರಾಜ್ಯೋತ್ಸವ ಆಚರಣೆ ಅಂಗವಾಗಿ ಕರ್ನಾಟಕ ಜನಸ್ಪಂದನ ಸಂಸ್ಥೆವತಿಯಿಂದ ಒಂದು ಸಾವಿರ ಜನ ಆಟೋ, ಅಂಬುಲೆನ್ಸ್ ಹಾಗೂ ಟ್ಯಾಕ್ಸಿ ಚಾಲಕರಿಗೆ ಉಚಿತವಾಗಿ 10 ಲಕ್ಷ ರೂ. ಮೌಲ್ಯದ ಅಪಘಾತ ವಿಮಾ ಸೌಲಭ್ಯ ನೀಡಲಾಗುತ್ತಿದೆ ಎಂದು ಸಂಸ್ಥೆಯ ಜಿಲ್ಲಾಧ್ಯಕ್ಷ ರಕ್ಷಿತ್ ಕರಮಣ್ಣ ತಿಳಿಸಿದ್ದಾರೆ. ಈ ತಿಂಗಳ 30ರಂದು ನಗರದ ಭದ್ರಮ್ಮ ವೃತ್ತದಲ್ಲಿ ಬೆಳಗ್ಗೆ 10.30ಕ್ಕೆ ಜನಸ್ಪಂದನಾ ಕನ್ನಡ ರಾಜ್ಯೋತ್ಸವ ಏರ್ಪಡಿಸಲಾಗಿದೆ. ಸಿದ್ಧಗಂಗಾ ಮಠದ ಸಿದ್ಧಲಿಂಗಸ್ವಾಮೀಜಿಗಳು, ಹಿರೇಮಠದ ಡಾ.ಶಿವಾನಂದ ಶಿವಾಚಾರ್ಯ ಸ್ವಾಮೀಜಿಯವರ ದಿವ್ಯಸಾನಿಧ್ಯ ವಹಿಸಲಿದ್ದಾರೆ. ಸ್ವತಂತ್ರ ಪಬ್ಲಿಕೇಷನ್ ಲೇಖಕ ಶ್ರೀನಿವಾಸ್ ಕಾರ್ಯಕ್ರಮ ಉದ್ಘಾಟಿಸುವರು. ಸಂಸ್ಥೆಯ ರಾಜ್ಯಾಧ್ಯಕ್ಷ ಡಾ.ಕೆ.ವಿ.ಶ್ರೀನಿವಾಸ ಅಧ್ಯಕ್ಷತೆ ವಹಿಸಲಿದ್ದಾರೆ. ಗೃಹ ಸಚಿವ ಡಾ.ಜಿ.ಪರಮೇಶ್ವರ್, ಕೇಂದ್ರ ಸಚಿವ ವಿ.ಸೋಮಣ್ಣ, ಶಾಸಕ ಜಿ.ಬಿ.ಜ್ಯೋತಿಗಣೇಶ್, ಮುಖಂಡರಾದ ಎಸ್. ಗೋವಿಂದಪ್ಪ, ಮುರಳೀಧರ ಹಾಲಪ್ಪ, ಇಕ್ಬಾಲ್ ಅಹ್ಮದ್, ನಿರಂಜನ್ ಅವರು ಹಾಗೂ ಜಿಲ್ಲಾಧಿಕಾರಿ ಶುಭಕಲ್ಯಾಣ್, ಎಸ್ಪಿ ಕೆ.ವಿ.ಅಶೋಕ್, ಡಿವೈಎಸ್‌ಪಿ ಚಂದ್ರಶೇಖರ್ ಮತ್ತಿತರ ಅತಿಥಿಗಳು ಭಾಗವಹಿಸುವರು ಎಂದು ತಿಳಿಸಿದ್ದಾರೆ.
ಆಜೀವ ಸದಸ್ಯರ ಸಭೆ
ತುಮಕೂರು: ತಾಲ್ಲೂಕು ಕನ್ನಡ ಸಾಹಿತ್ಯ ಪರಿಷತ್ತು ತುಮಕೂರು, 2025-26ನೇ ಸಾಲಿನ ಚುನಾವಣೆಗೆ ಬೈ ಲಾಸ್ ಗೆ ತಿದ್ದುಪಡಿ, ಮುಂದಿನ ಚುನಾವಣೆಗೆ ಸಿದ್ಧತೆ ಕುರಿತು ಸಭೆ ಕರೆಯಲಾಗಿದೆ. ದಿನಾಂಕ 25-11-2025ರಂದು ಮಧ್ಯಾಹ್ನ 3.00 ಗಂಟೆಗೆ ಕನ್ನಡ ಭವನದಲ್ಲಿ ತುಮಕೂರು ತಾಲ್ಲೂಕು ಹಾಗೂ ಜಿಲ್ಲಾ ಸಮಿತಿ ಸದಸ್ಯರು ಸಾಹಿತ್ಯ ಪರಿಷತ್ತಿನ ಆಜೀವ ಸದಸ್ಯರ ಸಭೆಯನ್ನು ಕರೆಯಲಾಗಿದೆ.
‘ಪೈಪೋಟಿಯಿಂದ ಸಣ್ಣ ವ್ಯಾಪಾರಿಗಳನ್ನು ರಕ್ಷಿಸಿ’
ತುಮಕೂರು: ಎಂ.ಎನ್.ಸಿ ಕಂಪನಿಗಳ ಪೈಪೋಟಿಯ ನಡುವೆ ಬೀದಿಬದಿ ವ್ಯಾಪಾರಿಗಳ ವ್ಯವಹಾರ, ಬದುಕನ್ನು ಕಟ್ಟಿಕೊಳ್ಳುವುದು ಕಷ್ಟವಾಗುತ್ತಿದೆ. ಆನ್‌ಲೈನ್‌ನಲ್ಲಿ ಗ್ರಾಹಕರಿಗೆ ಹಣ್ಣುಗಳು, ತರಕಾರಿ, ಬಟ್ಟೆ ಮಾರಾಟ ಮಾಡುವ ಎಂ.ಎನ್.ಸಿ ಕಂಪನಿಗಳು ಸಣ್ಣ ವ್ಯಾಪಾರಿಗಳ ವ್ಯವಹಾರಕ್ಕೆ ಪೆಟ್ಟು ನೀಡುತ್ತಿವೆ. ದಿನಸಿ ವಸ್ತುಗಳನ್ನು ಮನೆ ಬಾಗಿಲಿಗೆ ತಲುಪಿಸುವ ಕಂಪನಿಗಳಿಂದ ಬೀದಿಬದಿ ವ್ಯಾಪಾರಿಗಳಿಗೆ ಸಂಕಷ್ಟ ಎದುರಾಗಿದೆ.
ವ್ಯಾಪಾರಿಗಳನ್ನು ಪ್ರೋತ್ಸಾಹಿಸುವ ಪ್ರಯತ್ನ ಮಾಡಬೇಕಾಗಿದೆ. ಮಾದರಿಯ ಪ್ರಯತ್ನ ತಿಳಿದಿರಬೇಕು. ದೇಶದಲ್ಲಿ ಬೀದಿಬದಿ ವ್ಯಾಪಾರಿಗಳು ಈ ಗೊಂದಲಮಯ ವ್ಯವಸ್ಥೆಯಿಂದ ತೊಂದರೆಗೆ ಒಳಗಾಗಿದ್ದಾರೆ ಎಂದು ವಿಷಾದಿಸಿದರು. ವ್ಯಾಪಾರಿಗಳಿಗೆ ಸರ್ಕಾರ ಸೌಲಭ್ಯ ನೀಡಬೇಕು. ನಗರದ ಕೆ.ಆರ್.ಬಡಾವಣೆಯಲ್ಲಿ ಸೋಮವಾರ ಹಮ್ಮಿಕೊಂಡಿದ್ದ ಬೀದಿಬದಿ ವ್ಯಾಪಾರಿಗಳ ಸಂಘದ ಕಾರ್ಯಕ್ರಮದಲ್ಲಿ ಮಾತನಾಡಿದರು. ಕನ್ನಡಪರ ಸಂಘಟನೆಗಳ ಮುಖಂಡರು ಮಾತನಾಡಿ, ಕನ್ನಡ ಸಂಸ್ಕೃತಿ ಉಳಿಸಲು ಶ್ರಮಿಸಬೇಕು. ಬೀದಿಬದಿ ವ್ಯಾಪಾರಿಗಳು ಸಂಘಟಿತರಾಗಿ ತಮ್ಮ ಹಕ್ಕುಗಳಿಗಾಗಿ ಹೋರಾಡಬೇಕು ಎಂದು ಕರೆ ನೀಡಿದರು.
ಇಂತಹ ಪರಿಸ್ಥಿತಿಯಲ್ಲಿ ಮಕ್ಕಳಲ್ಲಿ ಸ್ವಾವಲಂಬನೆ ಮಾಡುವ ಸಾಮರ್ಥ್ಯ ಬೆಳೆಸಬೇಕಿದೆ. ಕನ್ನಡ ಭಾಷೆ, ಸಂಸ್ಕೃತಿಯ ಮೇಲಿನ ಪ್ರೀತಿ ಜೊತೆಯಲ್ಲಿಯೇ ಮಕ್ಕಳಿಗೆ ಶಿಕ್ಷಣ, ವ್ಯಾಪಾರ, ವ್ಯವಹಾರಜ್ಞಾನದ ತಿಳಿವಳಿಕೆ ನೀಡಬೇಕು. ಕನ್ನಡವನ್ನು ಉಳಿಸಿ ಬೆಳೆಸಲು ನಾವೆಲ್ಲರೂ ಕೈಜೋಡಿಸಬೇಕು. ಕಾಂಗ್ರೆಸ್ ಮುಖಂಡ ಇಕ್ಬಾಲ್ ಅಹ್ಮದ್ ಮಾತನಾಡಿ, ಜಾತಿ, ಧರ್ಮವನ್ನು ಮೀರಿದ್ದು ಮಾನವೀಯಧರ್ಮ. ಮಾನವೀಯ ಮೌಲ್ಯಗಳನ್ನು ನಾವೆಲ್ಲರೂ ಅಳವಡಿಸಿಕೊಳ್ಳಬೇಕು. ಸಮಾಜದಲ್ಲಿ ಸಾಮರಸ್ಯ ಕಾಪಾಡುವುದು ನಮ್ಮೆಲ್ಲರ ಜವಾಬ್ದಾರಿ ಎಂದರು.
ಕನ್ನಡ ನೆಲ ಹಾಗೂ ಭಾಷೆ ನಮಗೆ ಬದುಕುಕೊಟ್ಟಿದೆ. ನಮ್ಮ ನಾಡು, ನುಡಿ, ನೆಲ, ಜಲ ರಕ್ಷಣೆ ನಮ್ಮೆಲ್ಲರ ಹೊಣೆ. ಕನ್ನಡ ರಾಜ್ಯೋತ್ಸವವನ್ನು ನಾಡಿನ ಹಬ್ಬದಂತೆ ಆಚರಿಸಬೇಕು. ಕನ್ನಡಿಗರು ಕನ್ನಡವನ್ನೇ ಮಾತನಾಡಬೇಕು ಎಂದು ಹೇಳಿದರು. ಸಮಾರಂಭದಲ್ಲಿ ನಗರ ಶಾಸಕ ಜಿ.ಬಿ.ಜ್ಯೋತಿಗಣೇಶ್ ಅವರು ಭಾಗವಹಿಸಿ ಮಾತನಾಡಿದರು. ಸಂಘದ ಪದಾಧಿಕಾರಿಗಳು, ಮಹಿಳಾ ಘಟಕದ ಸದಸ್ಯರು, ಪಾಲಿಕೆ ಸದಸ್ಯರು, ಬೀದಿಬದಿ ವ್ಯಾಪಾರಿಗಳ ಸಂಘದ ಅಧ್ಯಕ್ಷ, ಉಪಾಧ್ಯಕ್ಷ, ಸಂಘಟನಾ ಕಾರ್ಯದರ್ಶಿ ಹಾಗೂ ವಿವಿಧ ಸಂಘಟನೆಗಳ ಮುಖಂಡರು ಹಾಗೂ ಪದಾಧಿಕಾರಿಗಳು ಉಪಸ್ಥಿತರಿದ್ದರು.
